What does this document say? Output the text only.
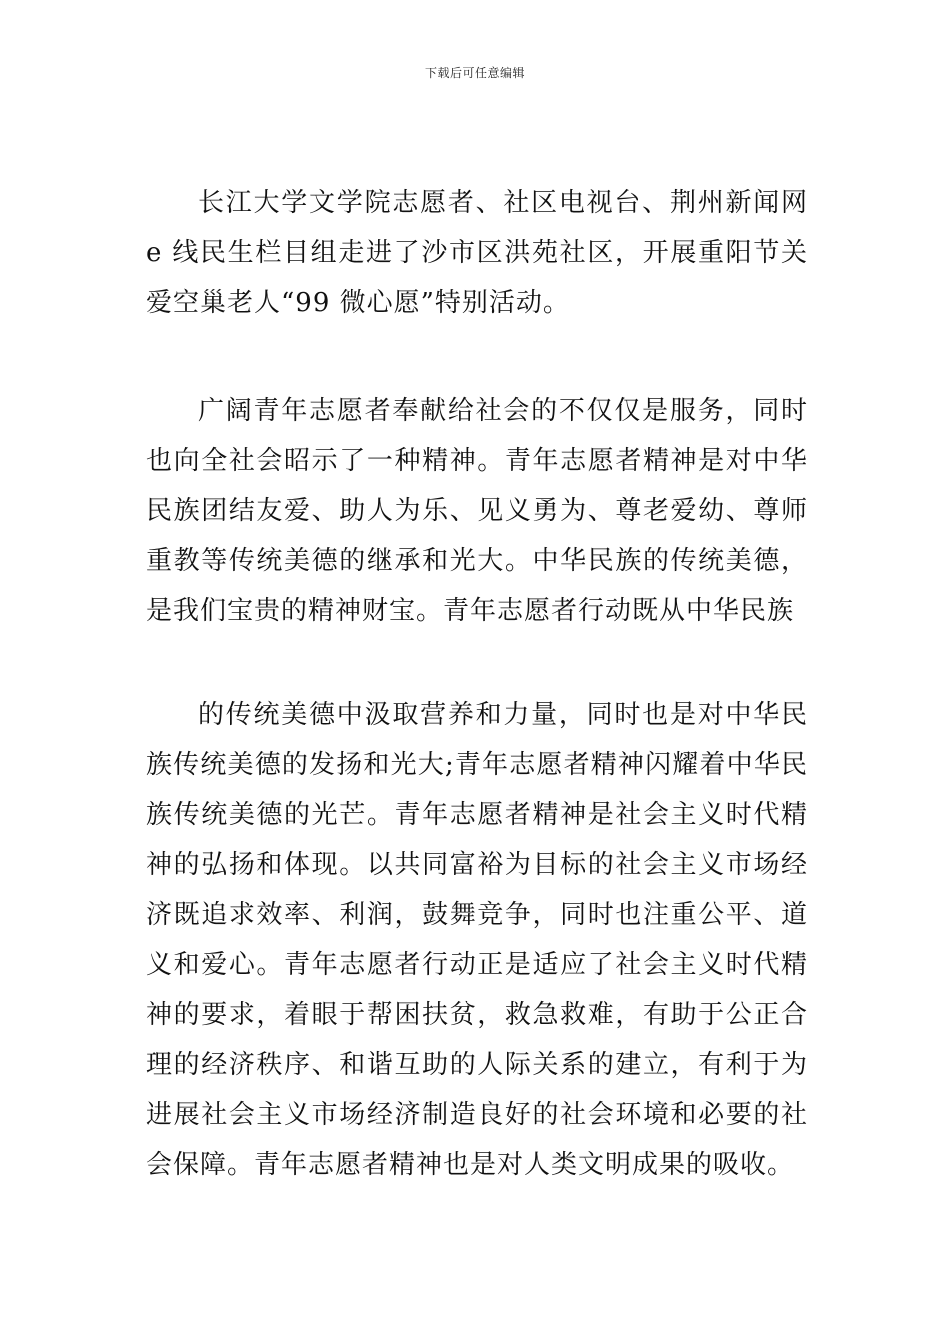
下载后可任意编辑

长江大学文学院志愿者、社区电视台、荆州新闻网 e 线民生栏目组走进了沙市区洪苑社区，开展重阳节关爱空巢老人“99 微心愿”特别活动。

广阔青年志愿者奉献给社会的不仅仅是服务，同时也向全社会昭示了一种精神。青年志愿者精神是对中华民族团结友爱、助人为乐、见义勇为、尊老爱幼、尊师重教等传统美德的继承和光大。中华民族的传统美德，是我们宝贵的精神财宝。青年志愿者行动既从中华民族

的传统美德中汲取营养和力量，同时也是对中华民族传统美德的发扬和光大;青年志愿者精神闪耀着中华民族传统美德的光芒。青年志愿者精神是社会主义时代精神的弘扬和体现。以共同富裕为目标的社会主义市场经济既追求效率、利润，鼓舞竞争，同时也注重公平、道义和爱心。青年志愿者行动正是适应了社会主义时代精神的要求，着眼于帮困扶贫，救急救难，有助于公正合理的经济秩序、和谐互助的人际关系的建立，有利于为进展社会主义市场经济制造良好的社会环境和必要的社会保障。青年志愿者精神也是对人类文明成果的吸收。
